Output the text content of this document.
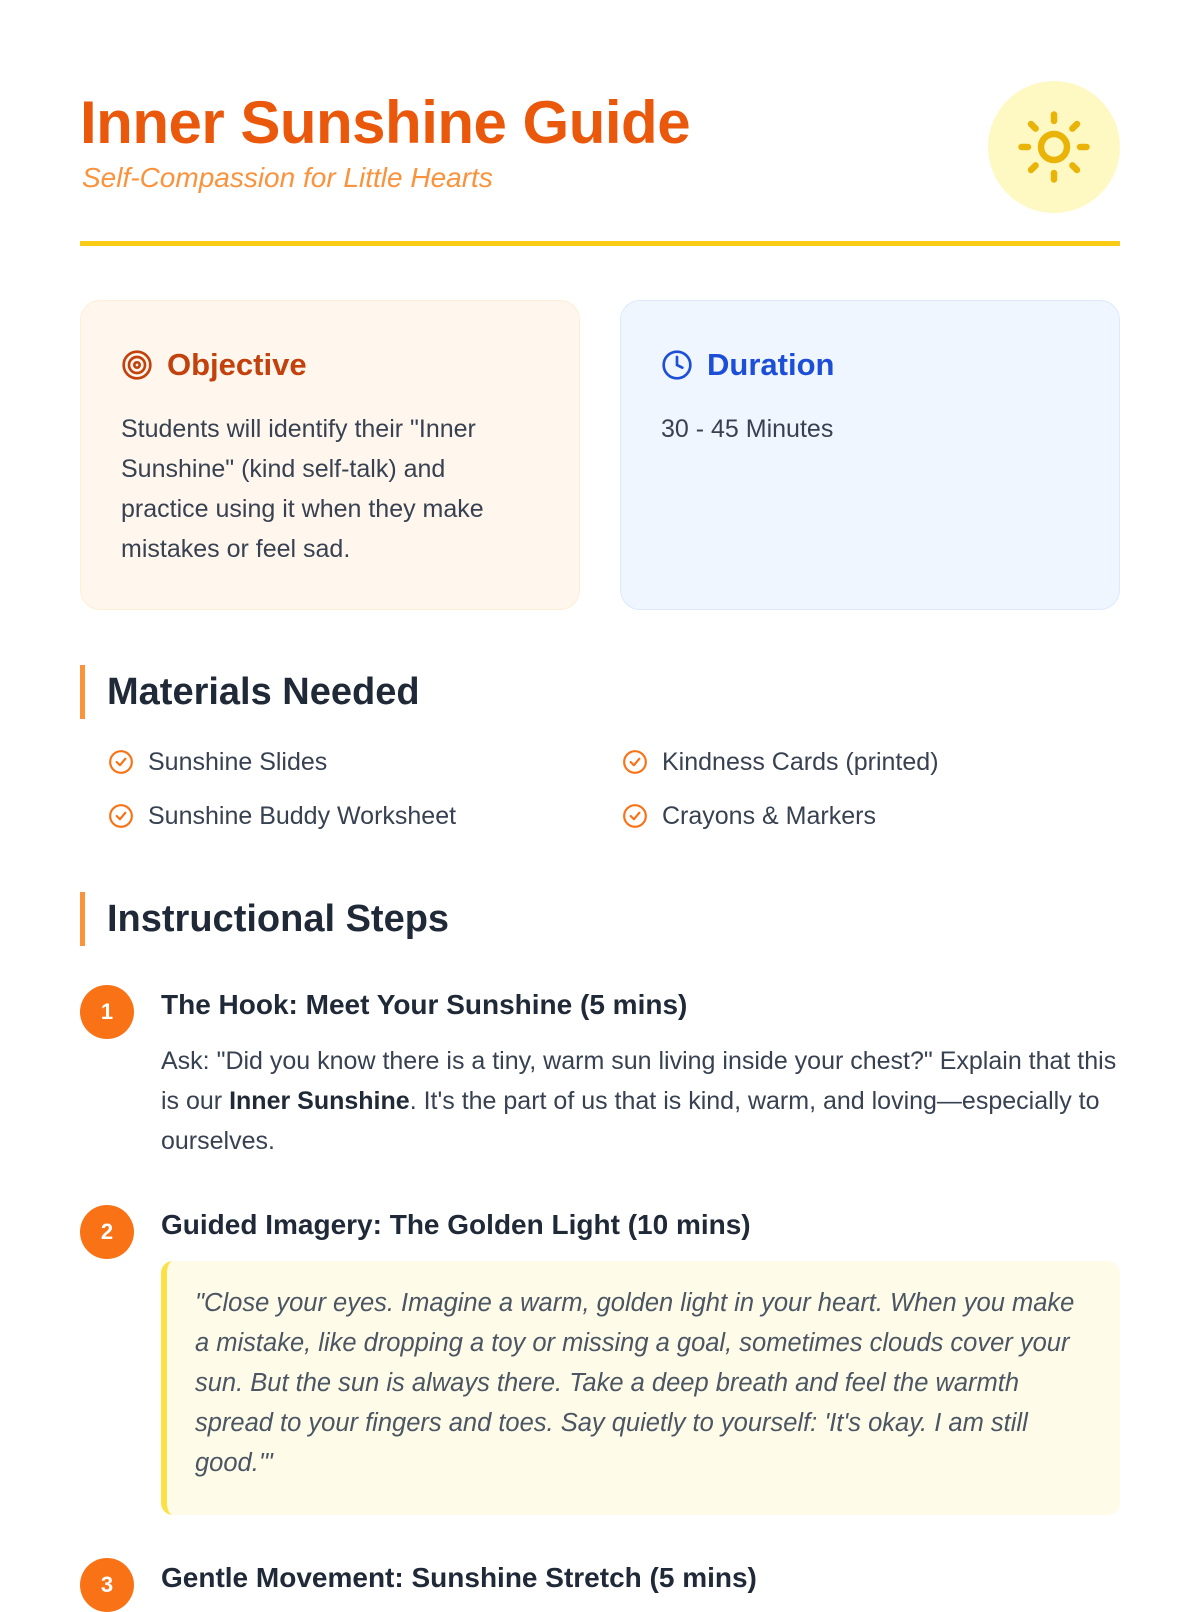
Inner Sunshine Guide
Self-Compassion for Little Hearts
Objective
Students will identify their "Inner Sunshine" (kind self-talk) and practice using it when they make mistakes or feel sad.
Duration
30 - 45 Minutes
Materials Needed
Sunshine Slides	Kindness Cards (printed)
Sunshine Buddy Worksheet	Crayons & Markers
Instructional Steps
1	The Hook: Meet Your Sunshine (5 mins)
Ask: "Did you know there is a tiny, warm sun living inside your chest?" Explain that this is our Inner Sunshine. It's the part of us that is kind, warm, and loving—especially to ourselves.
2	Guided Imagery: The Golden Light (10 mins)
"Close your eyes. Imagine a warm, golden light in your heart. When you make a mistake, like dropping a toy or missing a goal, sometimes clouds cover your sun. But the sun is always there. Take a deep breath and feel the warmth spread to your fingers and toes. Say quietly to yourself: 'It's okay. I am still good.'"
3	Gentle Movement: Sunshine Stretch (5 mins)
